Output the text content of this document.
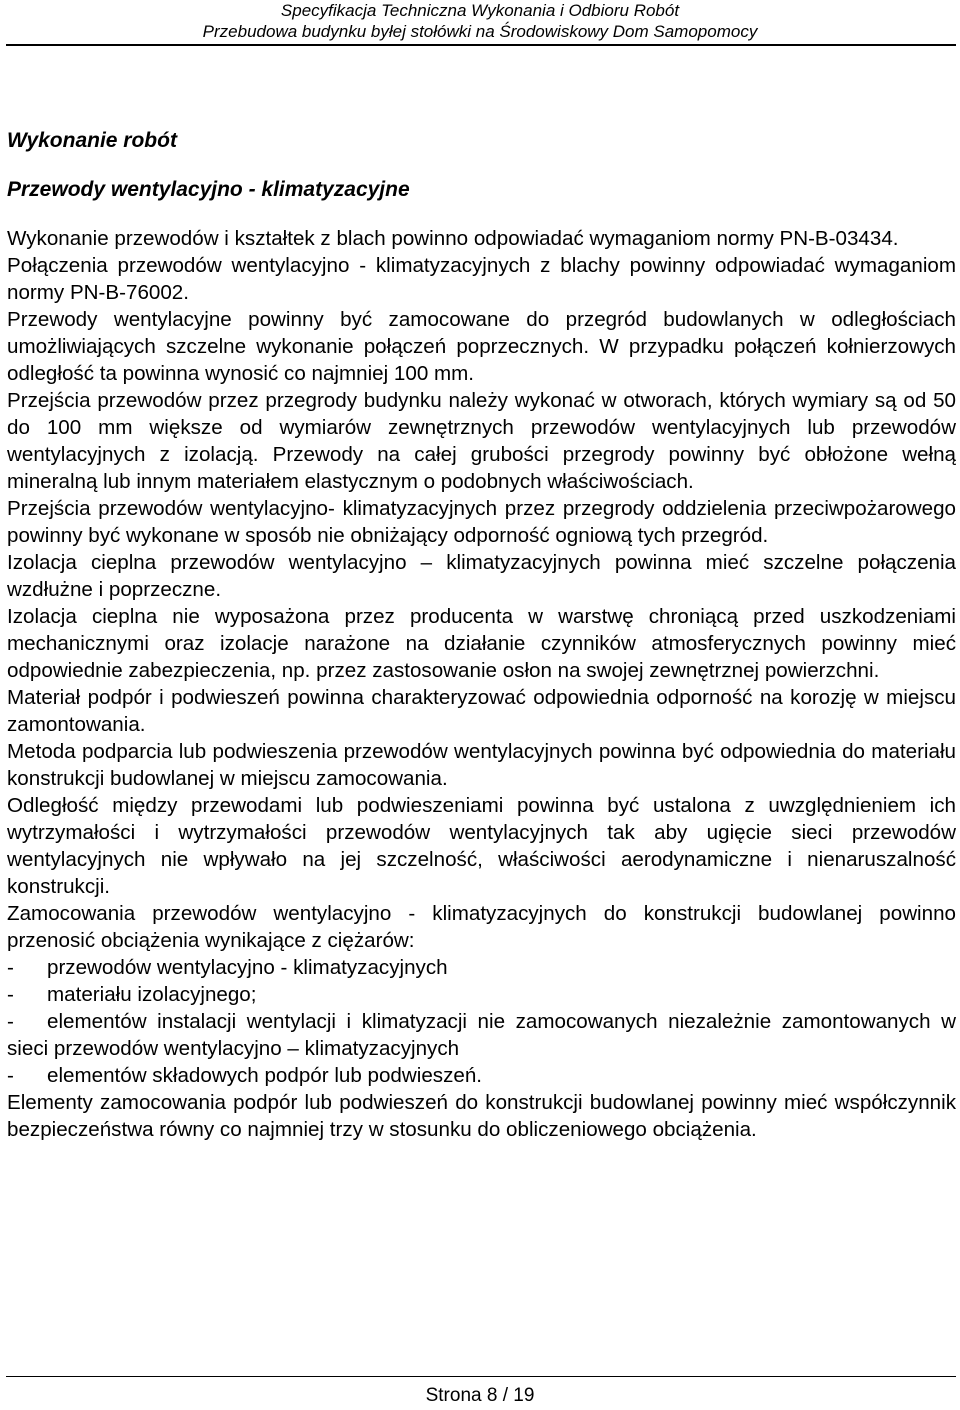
Specyfikacja Techniczna Wykonania i Odbioru Robót
Przebudowa budynku byłej stołówki na Środowiskowy Dom Samopomocy

Wykonanie robót

Przewody wentylacyjno - klimatyzacyjne

Wykonanie przewodów i kształtek z blach powinno odpowiadać wymaganiom normy PN-B-03434.

Połączenia przewodów wentylacyjno - klimatyzacyjnych z blachy powinny odpowiadać wymaganiom normy PN-B-76002.

Przewody wentylacyjne powinny być zamocowane do przegród budowlanych w odległościach umożliwiających szczelne wykonanie połączeń poprzecznych. W przypadku połączeń kołnierzowych odległość ta powinna wynosić co najmniej 100 mm.

Przejścia przewodów przez przegrody budynku należy wykonać w otworach, których wymiary są od 50 do 100 mm większe od wymiarów zewnętrznych przewodów wentylacyjnych lub przewodów wentylacyjnych z izolacją. Przewody na całej grubości przegrody powinny być obłożone wełną mineralną lub innym materiałem elastycznym o podobnych właściwościach.

Przejścia przewodów wentylacyjno- klimatyzacyjnych przez przegrody oddzielenia przeciwpożarowego powinny być wykonane w sposób nie obniżający odporność ogniową tych przegród.

Izolacja cieplna przewodów wentylacyjno – klimatyzacyjnych powinna mieć szczelne połączenia wzdłużne i poprzeczne.

Izolacja cieplna nie wyposażona przez producenta w warstwę chroniącą przed uszkodzeniami mechanicznymi oraz izolacje narażone na działanie czynników atmosferycznych powinny mieć odpowiednie zabezpieczenia, np. przez zastosowanie osłon na swojej zewnętrznej powierzchni.

Materiał podpór i podwieszeń powinna charakteryzować odpowiednia odporność na korozję w miejscu zamontowania.

Metoda podparcia lub podwieszenia przewodów wentylacyjnych powinna być odpowiednia do materiału konstrukcji budowlanej w miejscu zamocowania.

Odległość między przewodami lub podwieszeniami powinna być ustalona z uwzględnieniem ich wytrzymałości i wytrzymałości przewodów wentylacyjnych tak aby ugięcie sieci przewodów wentylacyjnych nie wpływało na jej szczelność, właściwości aerodynamiczne i nienaruszalność konstrukcji.

Zamocowania przewodów wentylacyjno - klimatyzacyjnych do konstrukcji budowlanej powinno przenosić obciążenia wynikające z ciężarów:

-	przewodów wentylacyjno - klimatyzacyjnych
-	materiału izolacyjnego;
- elementów instalacji wentylacji i klimatyzacji nie zamocowanych niezależnie zamontowanych w sieci przewodów wentylacyjno – klimatyzacyjnych
-	elementów składowych podpór lub podwieszeń.

Elementy zamocowania podpór lub podwieszeń do konstrukcji budowlanej powinny mieć współczynnik bezpieczeństwa równy co najmniej trzy w stosunku do obliczeniowego obciążenia.

Strona 8 / 19
